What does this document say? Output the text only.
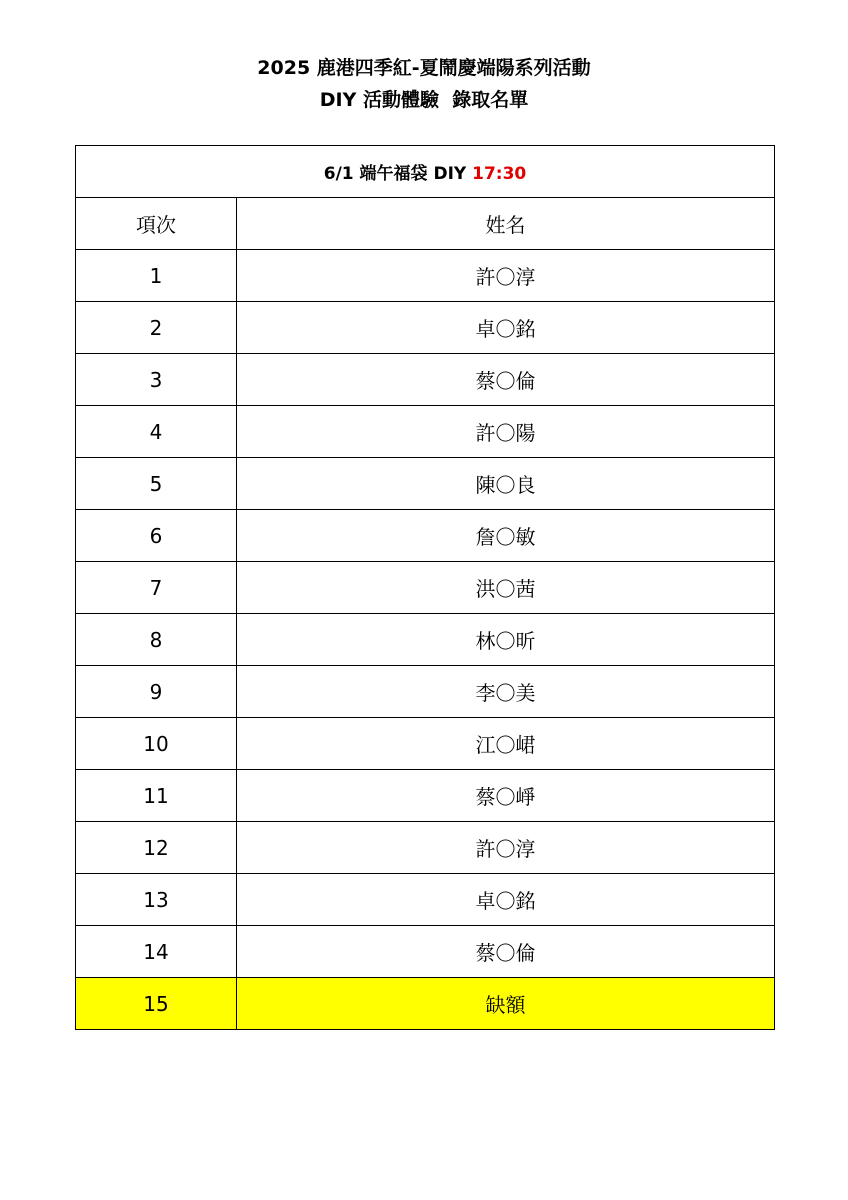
2025 鹿港四季紅-夏鬧慶端陽系列活動
DIY 活動體驗  錄取名單
6/1 端午福袋 DIY 17:30	
項次	姓名
1	許〇淳
2	卓〇銘
3	蔡〇倫
4	許〇陽
5	陳〇良
6	詹〇敏
7	洪〇茜
8	林〇昕
9	李〇美
10	江〇峮
11	蔡〇崢
12	許〇淳
13	卓〇銘
14	蔡〇倫
15	缺額
